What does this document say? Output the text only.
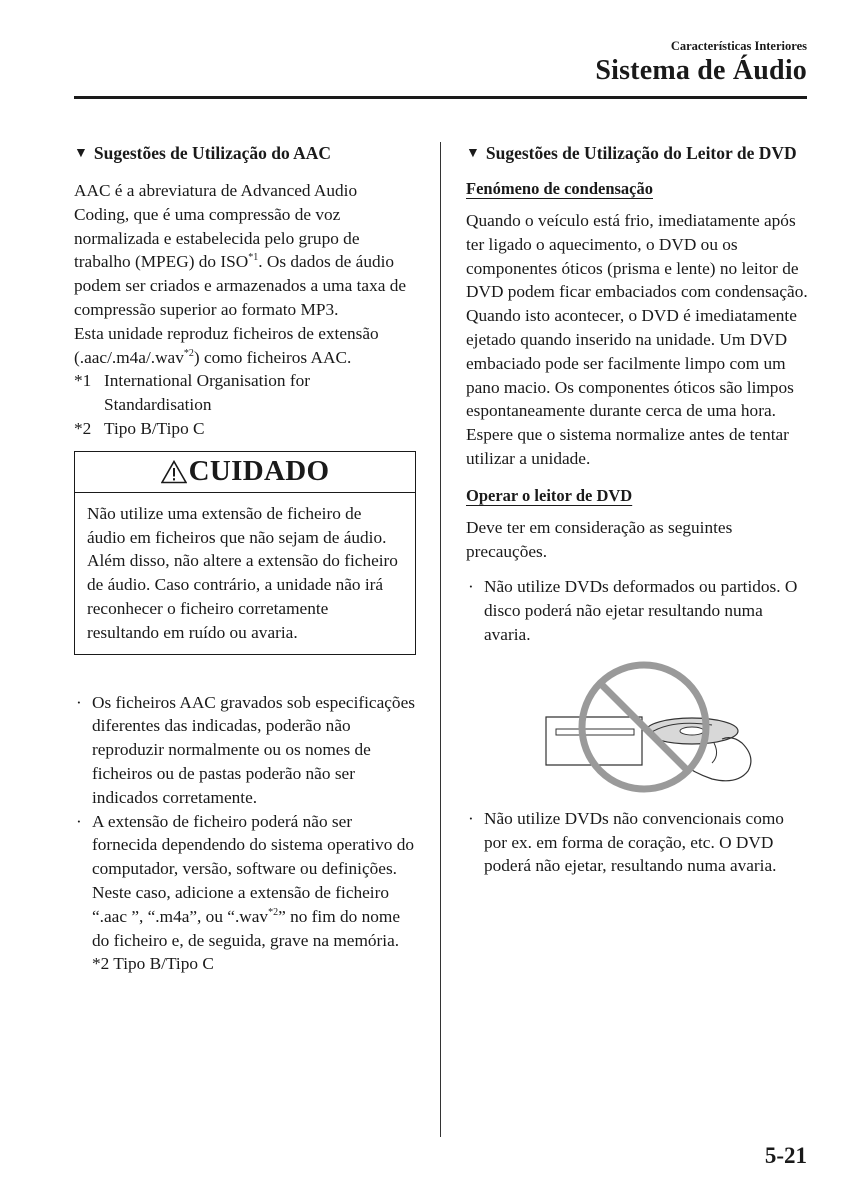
Características Interiores
Sistema de Áudio
▼ Sugestões de Utilização do AAC

AAC é a abreviatura de Advanced Audio Coding, que é uma compressão de voz normalizada e estabelecida pelo grupo de trabalho (MPEG) do ISO$^{*1}$. Os dados de áudio podem ser criados e armazenados a uma taxa de compressão superior ao formato MP3.

Esta unidade reproduz ficheiros de extensão (.aac/.m4a/.wav$^{*2}$) como ficheiros AAC.

*1 International Organisation for Standardisation
*2 Tipo B/Tipo C
CUIDADO
Não utilize uma extensão de ficheiro de áudio em ficheiros que não sejam de áudio. Além disso, não altere a extensão do ficheiro de áudio. Caso contrário, a unidade não irá reconhecer o ficheiro corretamente resultando em ruído ou avaria.
· Os ficheiros AAC gravados sob especificações diferentes das indicadas, poderão não reproduzir normalmente ou os nomes de ficheiros ou de pastas poderão não ser indicados corretamente.
· A extensão de ficheiro poderá não ser fornecida dependendo do sistema operativo do computador, versão, software ou definições. Neste caso, adicione a extensão de ficheiro “.aac ”, “.m4a”, ou “.wav$^{*2}$” no fim do nome do ficheiro e, de seguida, grave na memória.
*2 Tipo B/Tipo C
▼ Sugestões de Utilização do Leitor de DVD

Fenómeno de condensação

Quando o veículo está frio, imediatamente após ter ligado o aquecimento, o DVD ou os componentes óticos (prisma e lente) no leitor de DVD podem ficar embaciados com condensação. Quando isto acontecer, o DVD é imediatamente ejetado quando inserido na unidade. Um DVD embaciado pode ser facilmente limpo com um pano macio. Os componentes óticos são limpos espontaneamente durante cerca de uma hora. Espere que o sistema normalize antes de tentar utilizar a unidade.

Operar o leitor de DVD

Deve ter em consideração as seguintes precauções.

· Não utilize DVDs deformados ou partidos. O disco poderá não ejetar resultando numa avaria.
· Não utilize DVDs não convencionais como por ex. em forma de coração, etc. O DVD poderá não ejetar, resultando numa avaria.
5-21
